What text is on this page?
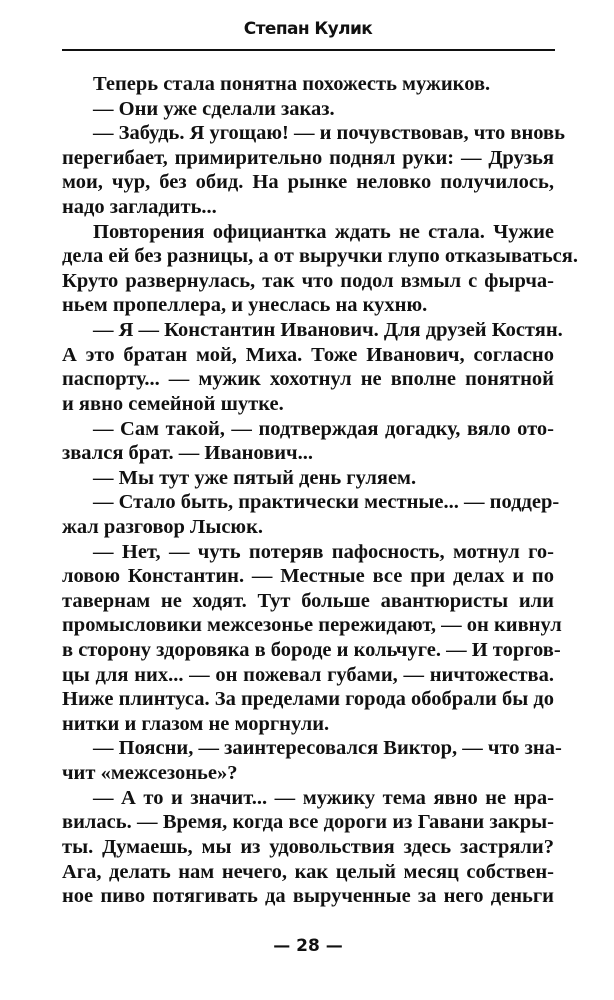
Степан Кулик
Теперь стала понятна похожесть мужиков.
— Они уже сделали заказ.
— Забудь. Я угощаю! — и почувствовав, что вновь
перегибает, примирительно поднял руки: — Друзья
мои, чур, без обид. На рынке неловко получилось,
надо загладить...
Повторения официантка ждать не стала. Чужие
дела ей без разницы, а от выручки глупо отказываться.
Круто развернулась, так что подол взмыл с фырча-
ньем пропеллера, и унеслась на кухню.
— Я — Константин Иванович. Для друзей Костян.
А это братан мой, Миха. Тоже Иванович, согласно
паспорту... — мужик хохотнул не вполне понятной
и явно семейной шутке.
— Сам такой, — подтверждая догадку, вяло ото-
звался брат. — Иванович...
— Мы тут уже пятый день гуляем.
— Стало быть, практически местные... — поддер-
жал разговор Лысюк.
— Нет, — чуть потеряв пафосность, мотнул го-
ловою Константин. — Местные все при делах и по
тавернам не ходят. Тут больше авантюристы или
промысловики межсезонье пережидают, — он кивнул
в сторону здоровяка в бороде и кольчуге. — И торгов-
цы для них... — он пожевал губами, — ничтожества.
Ниже плинтуса. За пределами города обобрали бы до
нитки и глазом не моргнули.
— Поясни, — заинтересовался Виктор, — что зна-
чит «межсезонье»?
— А то и значит... — мужику тема явно не нра-
вилась. — Время, когда все дороги из Гавани закры-
ты. Думаешь, мы из удовольствия здесь застряли?
Ага, делать нам нечего, как целый месяц собствен-
ное пиво потягивать да вырученные за него деньги
— 28 —
